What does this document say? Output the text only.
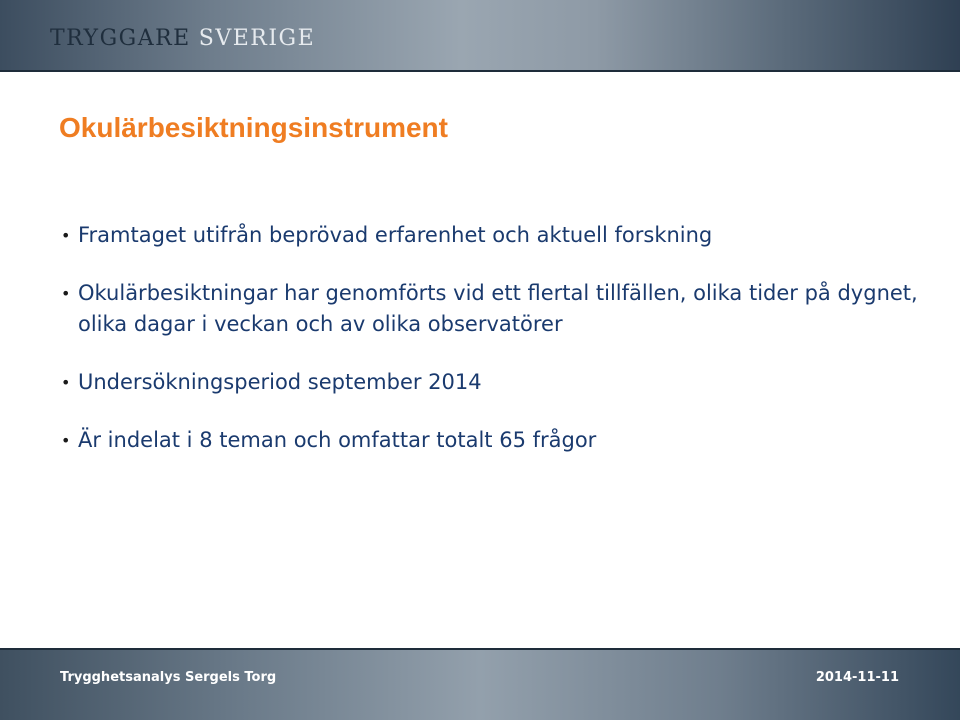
TRYGGARE SVERIGE
Okulärbesiktningsinstrument
• Framtaget utifrån beprövad erfarenhet och aktuell forskning
• Okulärbesiktningar har genomförts vid ett flertal tillfällen, olika tider på dygnet, olika dagar i veckan och av olika observatörer
• Undersökningsperiod september 2014
• Är indelat i 8 teman och omfattar totalt 65 frågor
Trygghetsanalys Sergels Torg	2014-11-11
